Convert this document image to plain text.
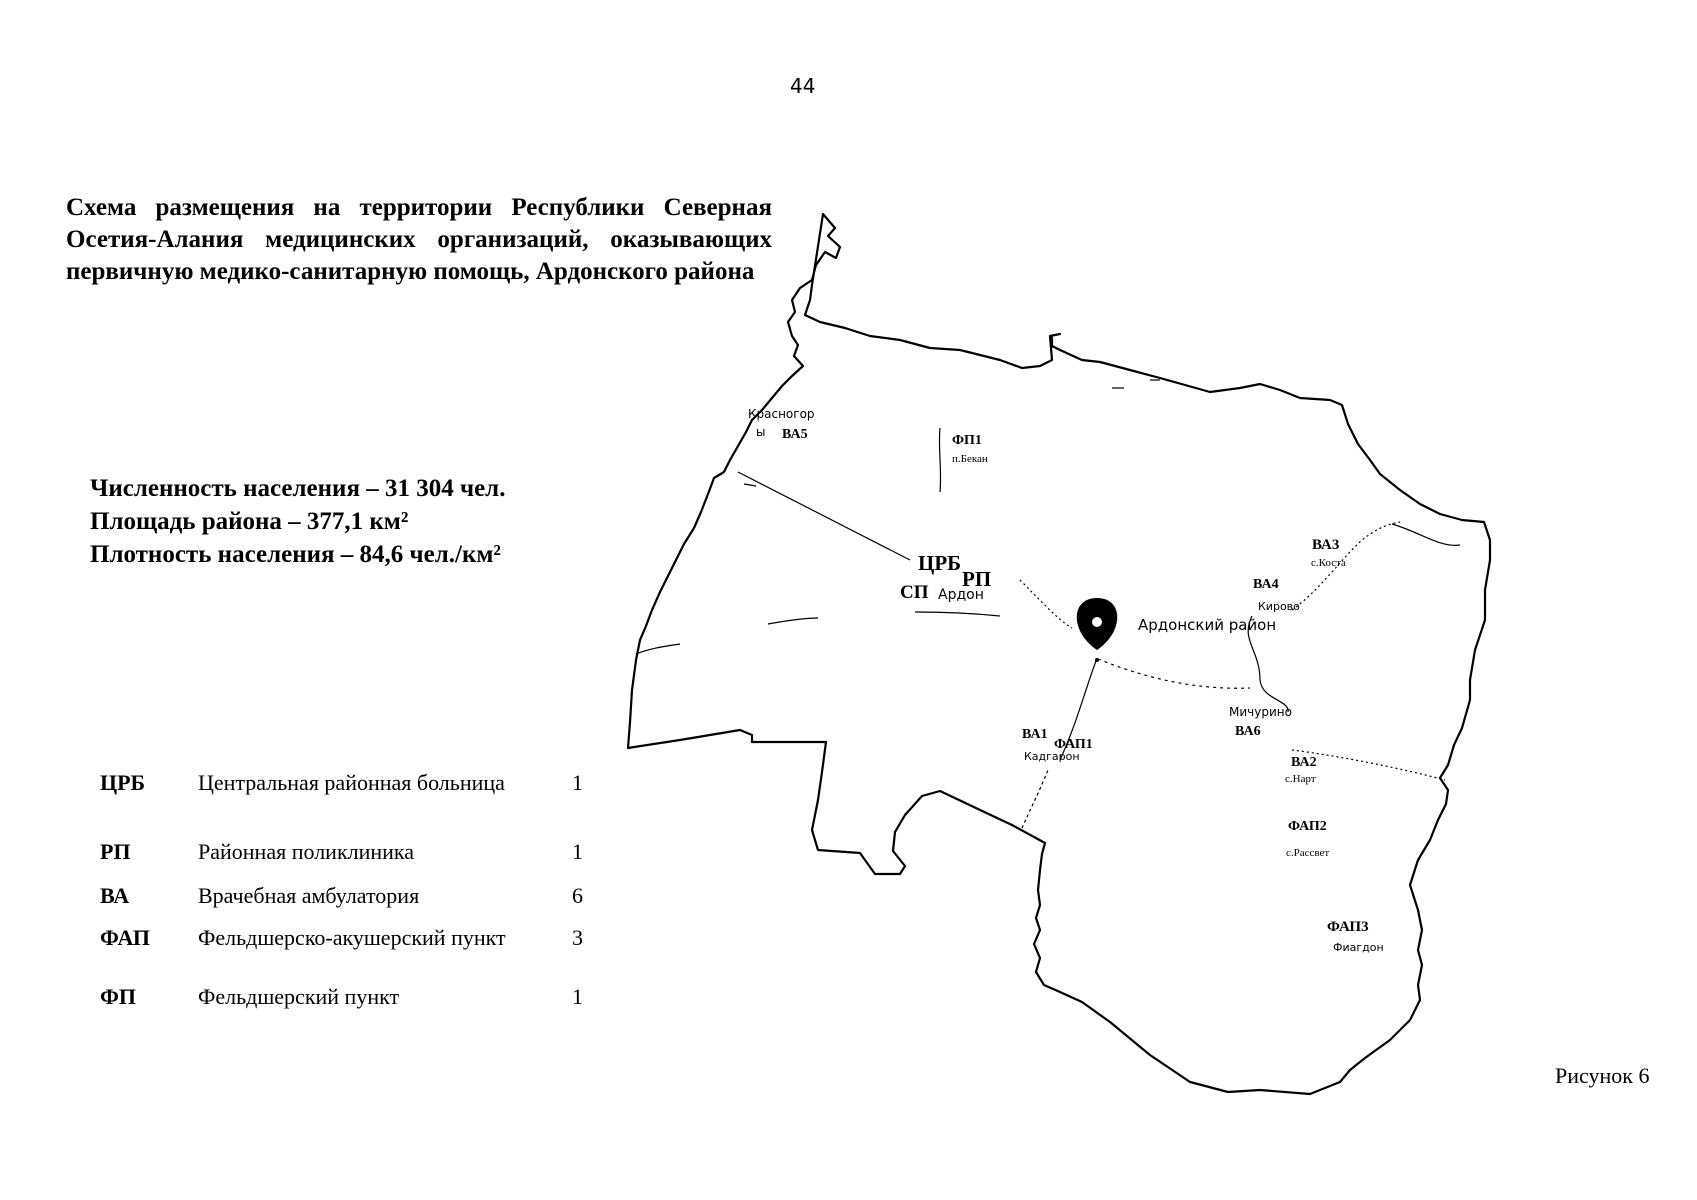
44

Схема размещения на территории Республики Северная Осетия-Алания медицинских организаций, оказывающих первичную медико-санитарную помощь, Ардонского района

Численность населения – 31 304 чел.
Площадь района – 377,1 км²
Плотность населения – 84,6 чел./км²
ЦРБ Центральная районная больница	1
РП	Районная поликлиника	1
ВА	Врачебная амбулатория	6
ФАП Фельдшерско-акушерский пункт	3
ФП	Фельдшерский пункт	1
Ардонский район
Красногор
ы ВА5	ФП1
п.Бекан
ЦРБ
РП
СП Ардон
ВА3
с.Коста
ВА4
Кирово
Мичурино
ВА6
ВА1
ФАП1
Кадгарон	ВА2
с.Нарт
ФАП2
с.Рассвет
ФАП3
Фиагдон
Рисунок 6
